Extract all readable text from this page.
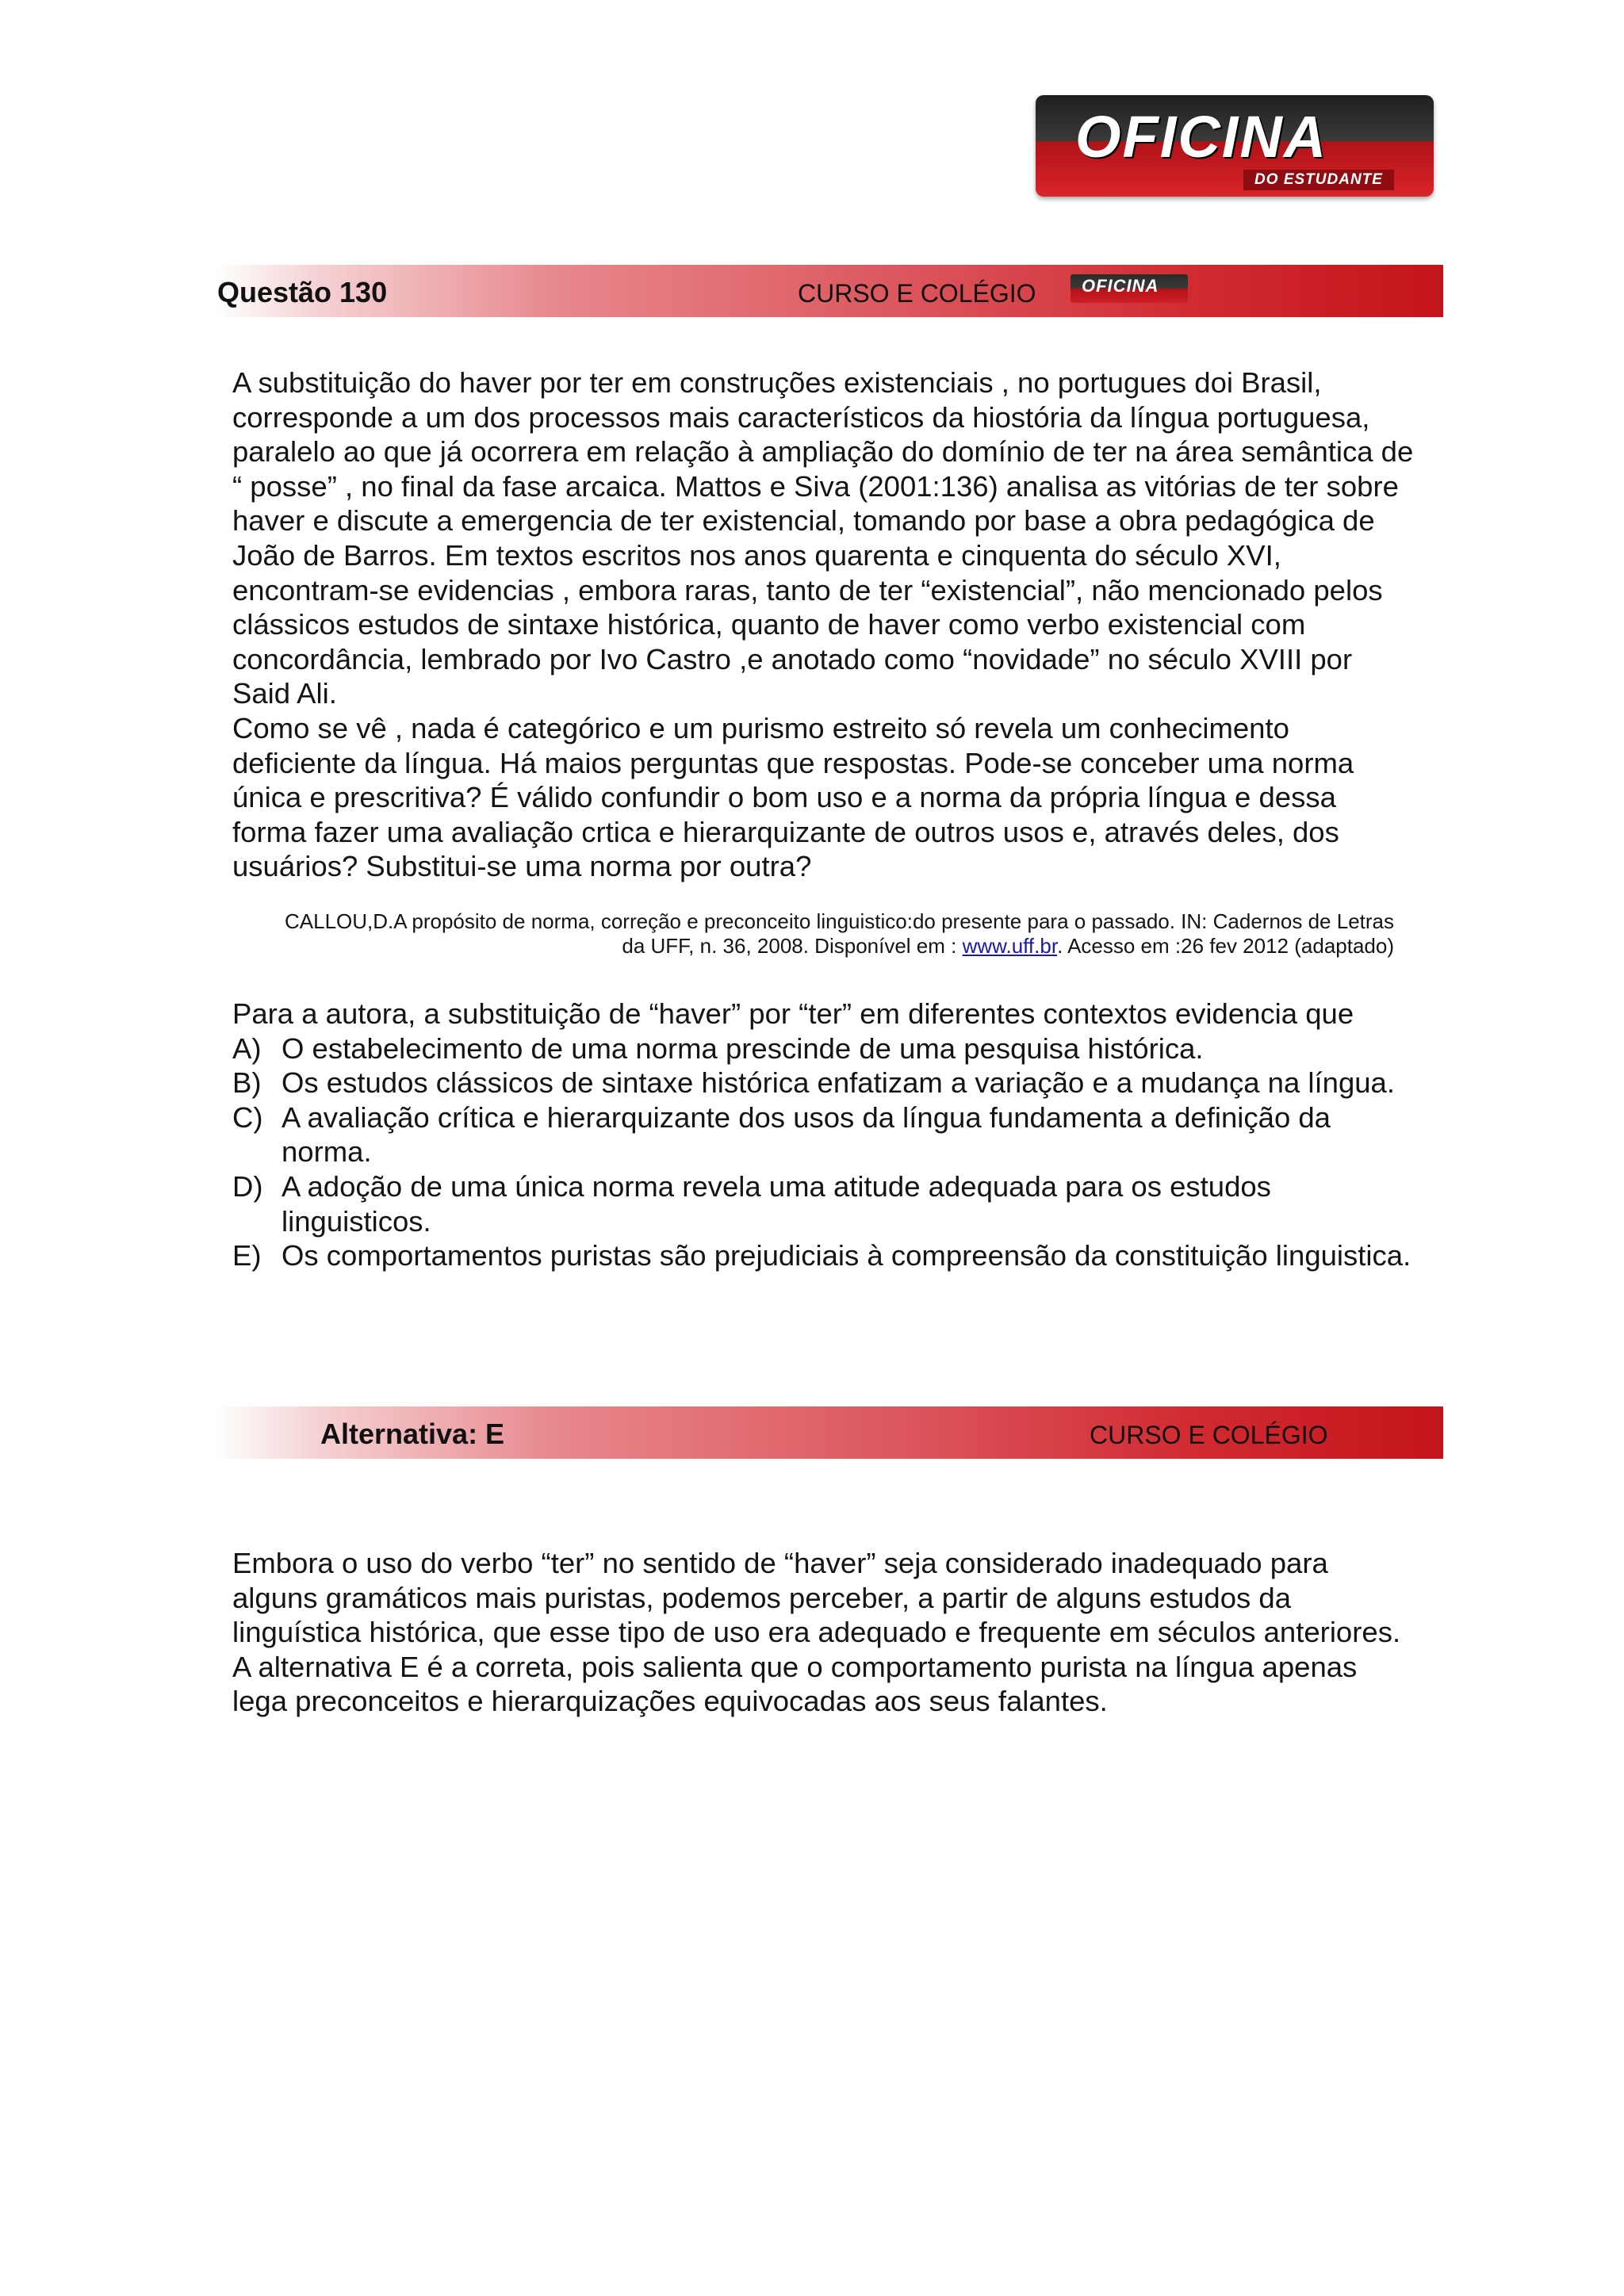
OFICINA
DO ESTUDANTE
Questão 130	CURSO E COLÉGIO	OFICINA

A substituição do haver por ter em construções existenciais , no portugues doi Brasil, corresponde a um dos processos mais característicos da hiostória da língua portuguesa, paralelo ao que já ocorrera em relação à ampliação do domínio de ter na área semântica de “ posse” , no final da fase arcaica. Mattos e Siva (2001:136) analisa as vitórias de ter sobre haver e discute a emergencia de ter existencial, tomando por base a obra pedagógica de João de Barros. Em textos escritos nos anos quarenta e cinquenta do século XVI, encontram-se evidencias , embora raras, tanto de ter “existencial”, não mencionado pelos clássicos estudos de sintaxe histórica, quanto de haver como verbo existencial com concordância, lembrado por Ivo Castro ,e anotado como “novidade” no século XVIII por Said Ali.

Como se vê , nada é categórico e um purismo estreito só revela um conhecimento deficiente da língua. Há maios perguntas que respostas. Pode-se conceber uma norma única e prescritiva? É válido confundir o bom uso e a norma da própria língua e dessa forma fazer uma avaliação crtica e hierarquizante de outros usos e, através deles, dos usuários? Substitui-se uma norma por outra?

CALLOU,D.A propósito de norma, correção e preconceito linguistico:do presente para o passado. IN: Cadernos de Letras da UFF, n. 36, 2008. Disponível em : www.uff.br. Acesso em :26 fev 2012 (adaptado)

Para a autora, a substituição de “haver” por “ter” em diferentes contextos evidencia que

A) O estabelecimento de uma norma prescinde de uma pesquisa histórica.
B) Os estudos clássicos de sintaxe histórica enfatizam a variação e a mudança na língua.
C) A avaliação crítica e hierarquizante dos usos da língua fundamenta a definição da norma.
D) A adoção de uma única norma revela uma atitude adequada para os estudos linguisticos.
E) Os comportamentos puristas são prejudiciais à compreensão da constituição linguistica.
Alternativa: E	CURSO E COLÉGIO

Embora o uso do verbo “ter” no sentido de “haver” seja considerado inadequado para alguns gramáticos mais puristas, podemos perceber, a partir de alguns estudos da linguística histórica, que esse tipo de uso era adequado e frequente em séculos anteriores. A alternativa E é a correta, pois salienta que o comportamento purista na língua apenas lega preconceitos e hierarquizações equivocadas aos seus falantes.
